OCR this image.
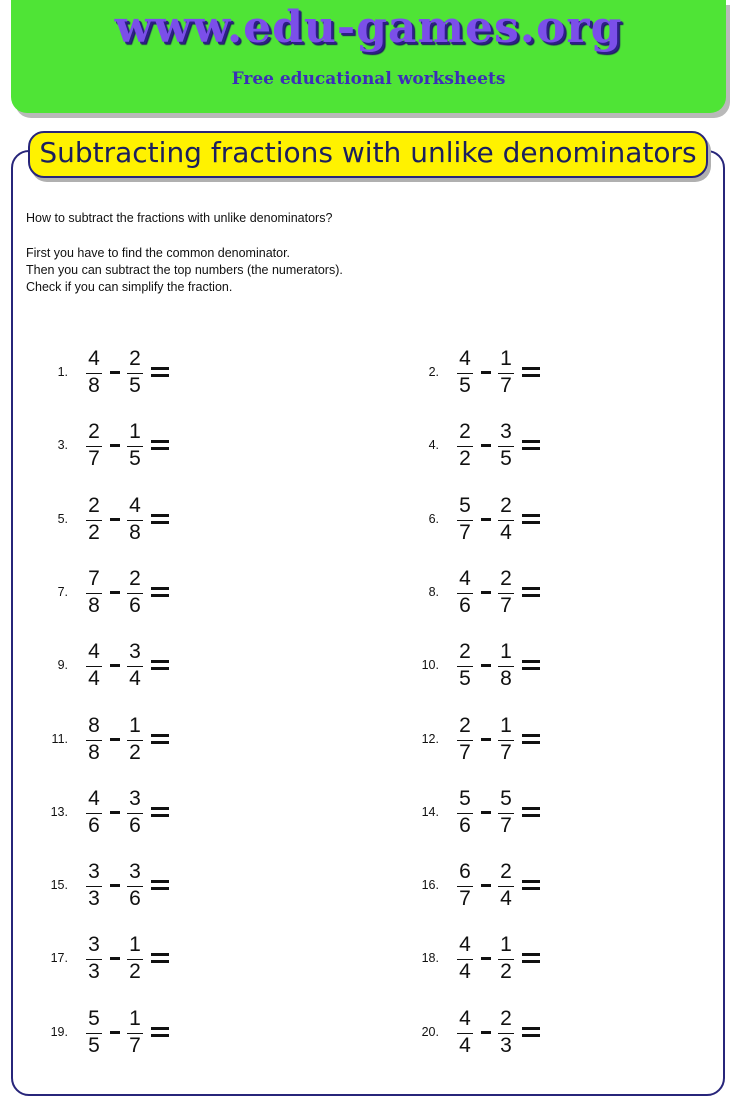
www.edu-games.org
Free educational worksheets
Subtracting fractions with unlike denominators
How to subtract the fractions with unlike denominators?
First you have to find the common denominator.
Then you can subtract the top numbers (the numerators).
Check if you can simplify the fraction.
1.
4
8
2
5
2.
4
5
1
7
3.
2
7
1
5
4.
2
2
3
5
5.
2
2
4
8
6.
5
7
2
4
7.
7
8
2
6
8.
4
6
2
7
9.
4
4
3
4
10.
2
5
1
8
11.
8
8
1
2
12.
2
7
1
7
13.
4
6
3
6
14.
5
6
5
7
15.
3
3
3
6
16.
6
7
2
4
17.
3
3
1
2
18.
4
4
1
2
19.
5
5
1
7
20.
4
4
2
3
